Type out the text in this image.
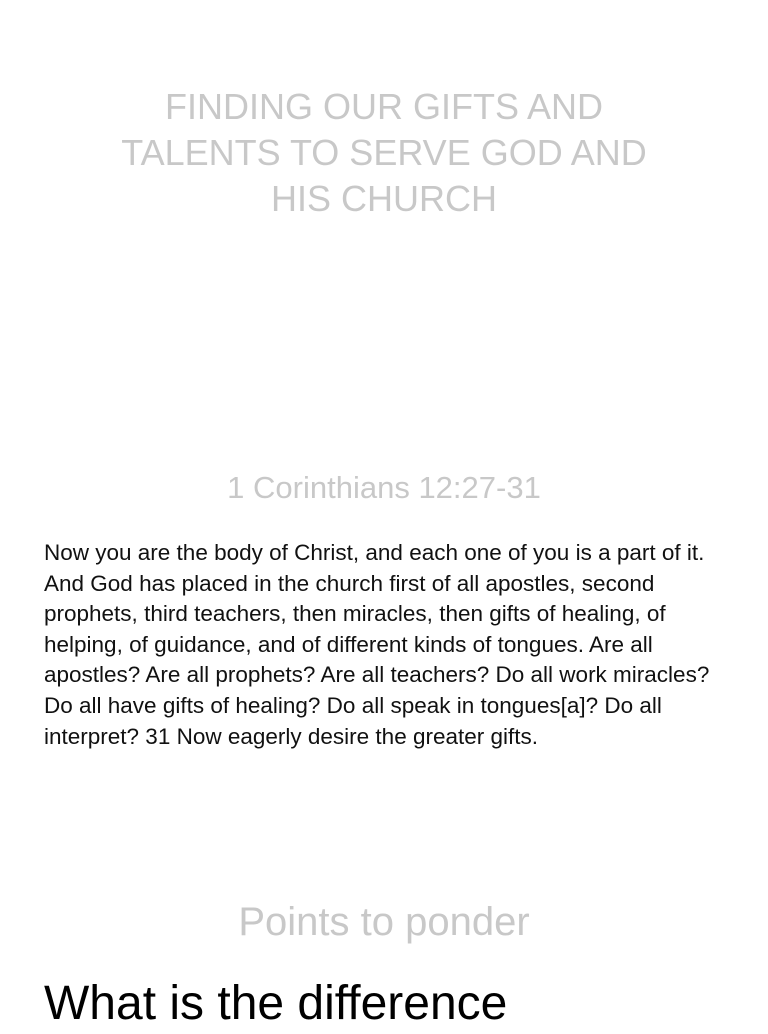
FINDING OUR GIFTS AND TALENTS TO SERVE GOD AND HIS CHURCH
1 Corinthians 12:27-31
Now you are the body of Christ, and each one of you is a part of it. And God has placed in the church first of all apostles, second prophets, third teachers, then miracles, then gifts of healing, of helping, of guidance, and of different kinds of tongues. Are all apostles? Are all prophets? Are all teachers? Do all work miracles? Do all have gifts of healing? Do all speak in tongues[a]? Do all interpret? 31 Now eagerly desire the greater gifts.
Points to ponder
What is the difference
